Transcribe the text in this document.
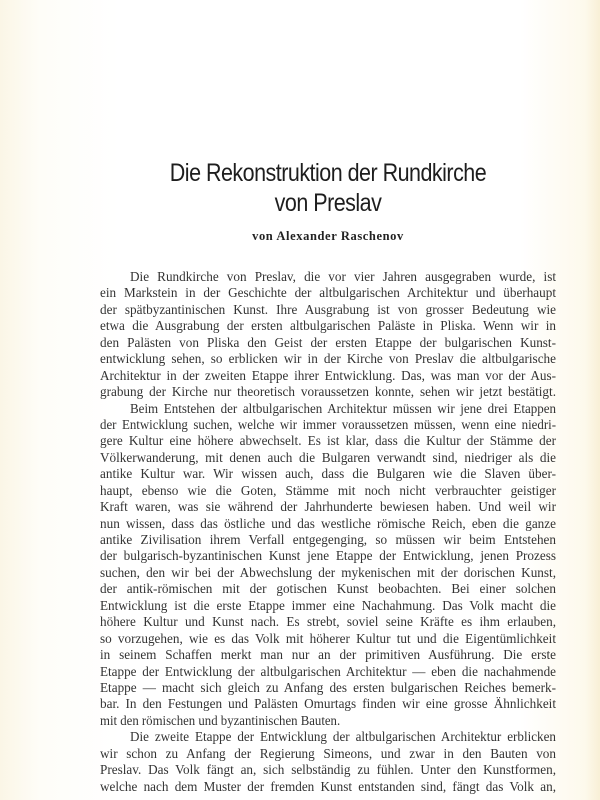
Die Rekonstruktion der Rundkirche
von Preslav
von Alexander Raschenov
Die Rundkirche von Preslav, die vor vier Jahren ausgegraben wurde, ist
ein Markstein in der Geschichte der altbulgarischen Architektur und überhaupt
der spätbyzantinischen Kunst. Ihre Ausgrabung ist von grosser Bedeutung wie
etwa die Ausgrabung der ersten altbulgarischen Paläste in Pliska. Wenn wir in
den Palästen von Pliska den Geist der ersten Etappe der bulgarischen Kunst-
entwicklung sehen, so erblicken wir in der Kirche von Preslav die altbulgarische
Architektur in der zweiten Etappe ihrer Entwicklung. Das, was man vor der Aus-
grabung der Kirche nur theoretisch voraussetzen konnte, sehen wir jetzt bestätigt.
Beim Entstehen der altbulgarischen Architektur müssen wir jene drei Etappen
der Entwicklung suchen, welche wir immer voraussetzen müssen, wenn eine niedri-
gere Kultur eine höhere abwechselt. Es ist klar, dass die Kultur der Stämme der
Völkerwanderung, mit denen auch die Bulgaren verwandt sind, niedriger als die
antike Kultur war. Wir wissen auch, dass die Bulgaren wie die Slaven über-
haupt, ebenso wie die Goten, Stämme mit noch nicht verbrauchter geistiger
Kraft waren, was sie während der Jahrhunderte bewiesen haben. Und weil wir
nun wissen, dass das östliche und das westliche römische Reich, eben die ganze
antike Zivilisation ihrem Verfall entgegenging, so müssen wir beim Entstehen
der bulgarisch-byzantinischen Kunst jene Etappe der Entwicklung, jenen Prozess
suchen, den wir bei der Abwechslung der mykenischen mit der dorischen Kunst,
der antik-römischen mit der gotischen Kunst beobachten. Bei einer solchen
Entwicklung ist die erste Etappe immer eine Nachahmung. Das Volk macht die
höhere Kultur und Kunst nach. Es strebt, soviel seine Kräfte es ihm erlauben,
so vorzugehen, wie es das Volk mit höherer Kultur tut und die Eigentümlichkeit
in seinem Schaffen merkt man nur an der primitiven Ausführung. Die erste
Etappe der Entwicklung der altbulgarischen Architektur — eben die nachahmende
Etappe — macht sich gleich zu Anfang des ersten bulgarischen Reiches bemerk-
bar. In den Festungen und Palästen Omurtags finden wir eine grosse Ähnlichkeit
mit den römischen und byzantinischen Bauten.
Die zweite Etappe der Entwicklung der altbulgarischen Architektur erblicken
wir schon zu Anfang der Regierung Simeons, und zwar in den Bauten von
Preslav. Das Volk fängt an, sich selbständig zu fühlen. Unter den Kunstformen,
welche nach dem Muster der fremden Kunst entstanden sind, fängt das Volk an,
